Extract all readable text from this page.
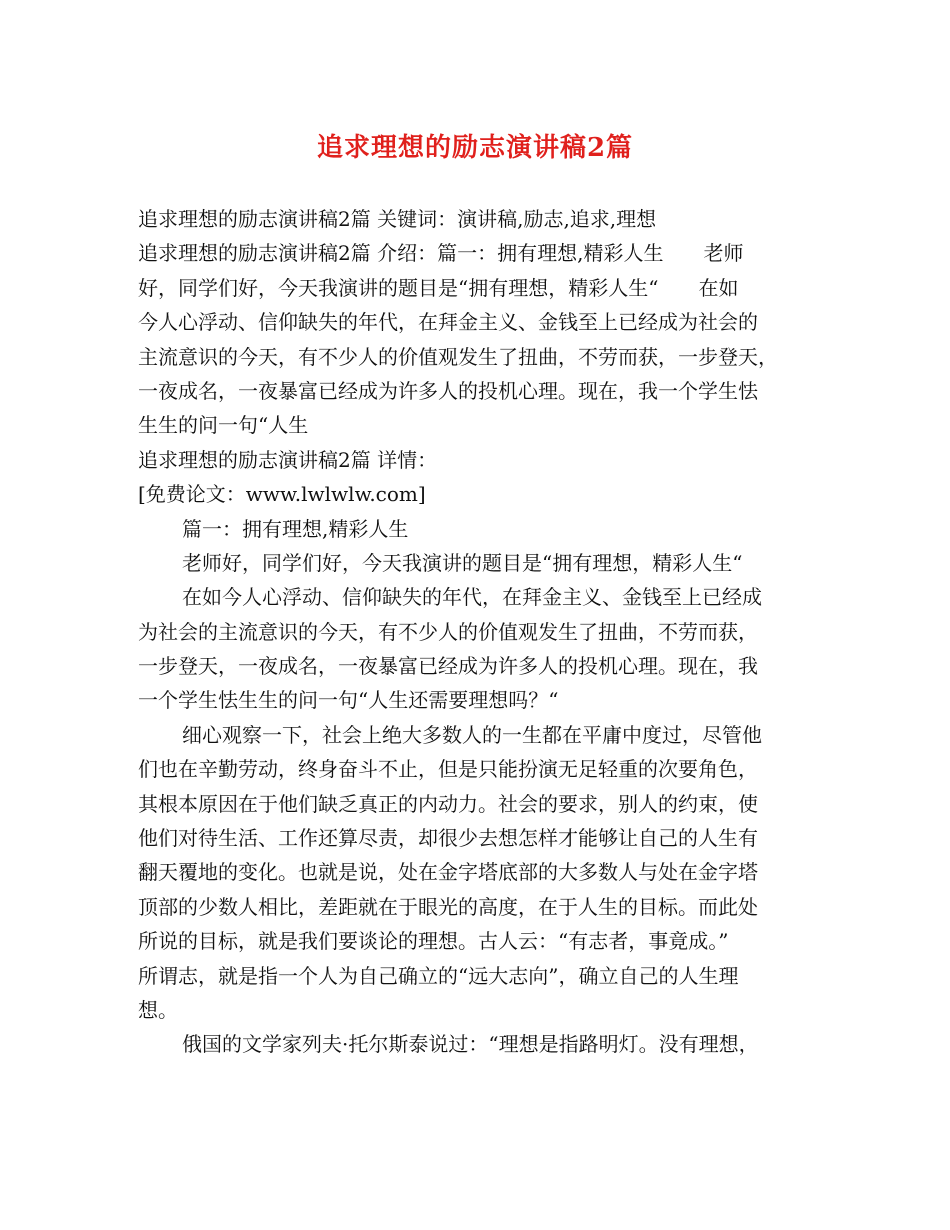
追求理想的励志演讲稿2篇
追求理想的励志演讲稿2篇 关键词：演讲稿,励志,追求,理想
追求理想的励志演讲稿2篇 介绍：篇一：拥有理想,精彩人生　　老师
好，同学们好，今天我演讲的题目是“拥有理想，精彩人生“　　在如
今人心浮动、信仰缺失的年代，在拜金主义、金钱至上已经成为社会的
主流意识的今天，有不少人的价值观发生了扭曲，不劳而获，一步登天，
一夜成名，一夜暴富已经成为许多人的投机心理。现在，我一个学生怯
生生的问一句“人生
追求理想的励志演讲稿2篇 详情：
[免费论文：www.lwlwlw.com]
篇一：拥有理想,精彩人生
老师好，同学们好，今天我演讲的题目是“拥有理想，精彩人生“
在如今人心浮动、信仰缺失的年代，在拜金主义、金钱至上已经成
为社会的主流意识的今天，有不少人的价值观发生了扭曲，不劳而获，
一步登天，一夜成名，一夜暴富已经成为许多人的投机心理。现在，我
一个学生怯生生的问一句“人生还需要理想吗？“
细心观察一下，社会上绝大多数人的一生都在平庸中度过，尽管他
们也在辛勤劳动，终身奋斗不止，但是只能扮演无足轻重的次要角色，
其根本原因在于他们缺乏真正的内动力。社会的要求，别人的约束，使
他们对待生活、工作还算尽责，却很少去想怎样才能够让自己的人生有
翻天覆地的变化。也就是说，处在金字塔底部的大多数人与处在金字塔
顶部的少数人相比，差距就在于眼光的高度，在于人生的目标。而此处
所说的目标，就是我们要谈论的理想。古人云：“有志者，事竟成。”
所谓志，就是指一个人为自己确立的“远大志向”，确立自己的人生理
想。
俄国的文学家列夫·托尔斯泰说过：“理想是指路明灯。没有理想，
